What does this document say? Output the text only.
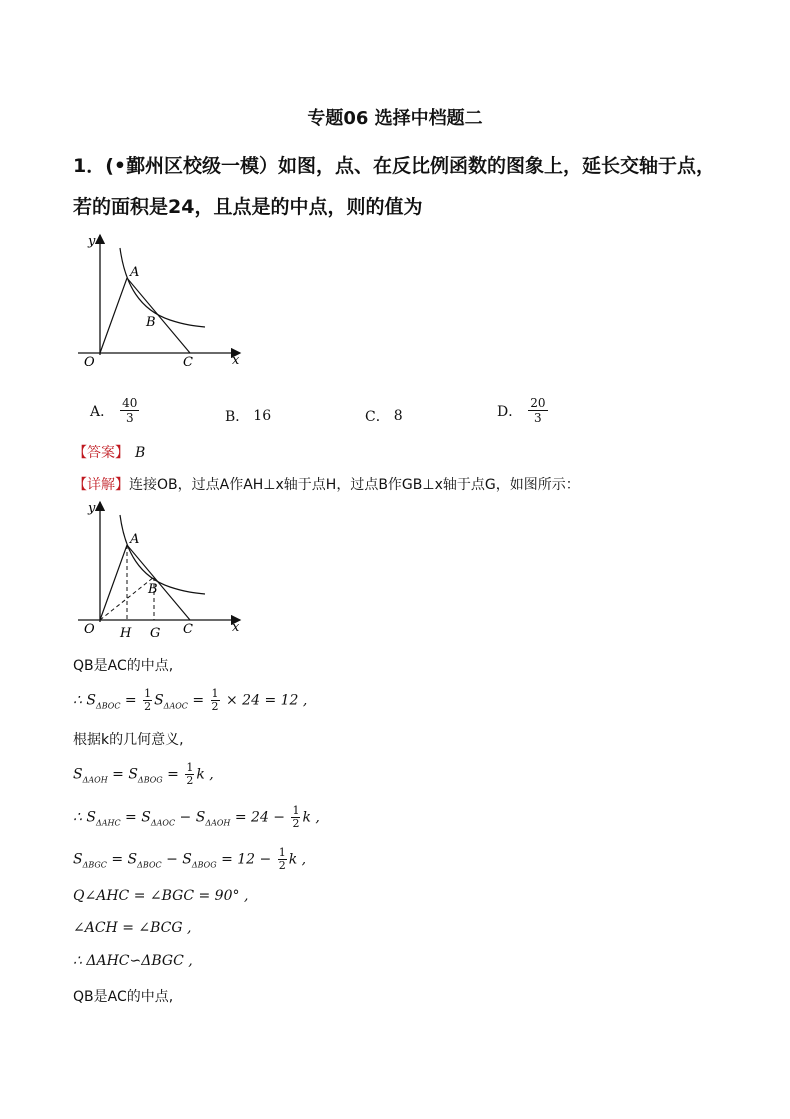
专题06 选择中档题二
1．(•鄞州区校级一模）如图，点、在反比例函数的图象上，延长交轴于点，
若的面积是24，且点是的中点，则的值为
y
x
O
A
B
C
A． $\frac{40}{3}$	B． 16	C． 8	D． $\frac{20}{3}$
【答案】 B
【详解】连接OB，过点A作AH⊥x轴于点H，过点B作GB⊥x轴于点G，如图所示：
y
x
O
A
B
C
H G
QB是AC的中点,
∴ $S_{\Delta BOC} = \frac{1}{2} S_{\Delta AOC} = \frac{1}{2} \times 24 = 12$ ,
根据k的几何意义,
$S_{\Delta AOH} = S_{\Delta BOG} = \frac{1}{2}$ k ,
∴ $S_{\Delta AHC} = S_{\Delta AOC} - S_{\Delta AOH} = 24 - \frac{1}{2}$ k ,
$S_{\Delta BGC} = S_{\Delta BOC} - S_{\Delta BOG} = 12 - \frac{1}{2}$ k ,
Q∠AHC = ∠BGC = 90° ,
∠ACH = ∠BCG ,
∴ ΔAHC∽ΔBGC ,
QB是AC的中点,
